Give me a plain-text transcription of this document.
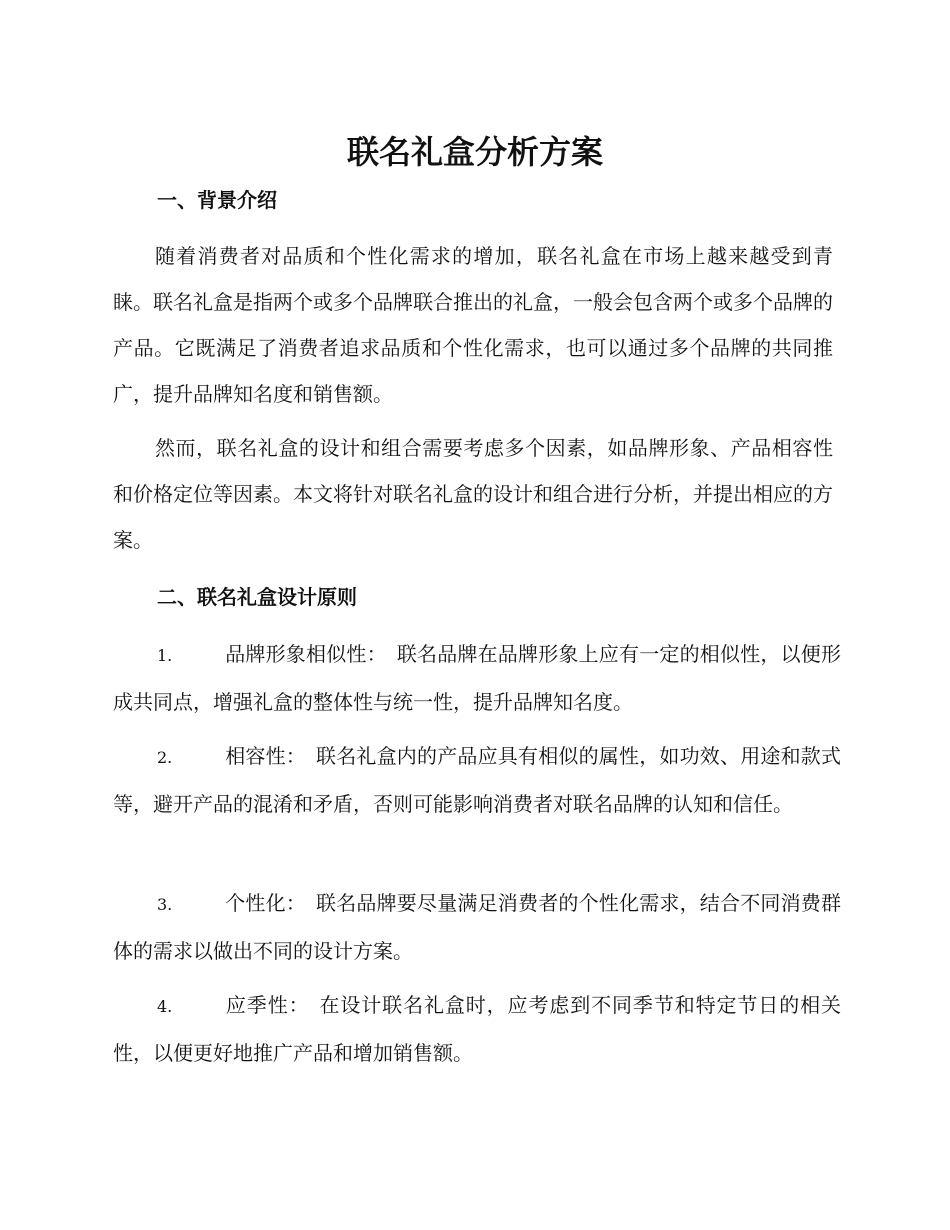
联名礼盒分析方案
一、背景介绍

随着消费者对品质和个性化需求的增加，联名礼盒在市场上越来越受到青睐。联名礼盒是指两个或多个品牌联合推出的礼盒，一般会包含两个或多个品牌的产品。它既满足了消费者追求品质和个性化需求，也可以通过多个品牌的共同推广，提升品牌知名度和销售额。

然而，联名礼盒的设计和组合需要考虑多个因素，如品牌形象、产品相容性和价格定位等因素。本文将针对联名礼盒的设计和组合进行分析，并提出相应的方案。

二、联名礼盒设计原则

1.	品牌形象相似性： 联名品牌在品牌形象上应有一定的相似性，以便形成共同点，增强礼盒的整体性与统一性，提升品牌知名度。

2.	相容性： 联名礼盒内的产品应具有相似的属性，如功效、用途和款式等，避开产品的混淆和矛盾，否则可能影响消费者对联名品牌的认知和信任。

3.	个性化： 联名品牌要尽量满足消费者的个性化需求，结合不同消费群体的需求以做出不同的设计方案。

4.	应季性： 在设计联名礼盒时，应考虑到不同季节和特定节日的相关性，以便更好地推广产品和增加销售额。
